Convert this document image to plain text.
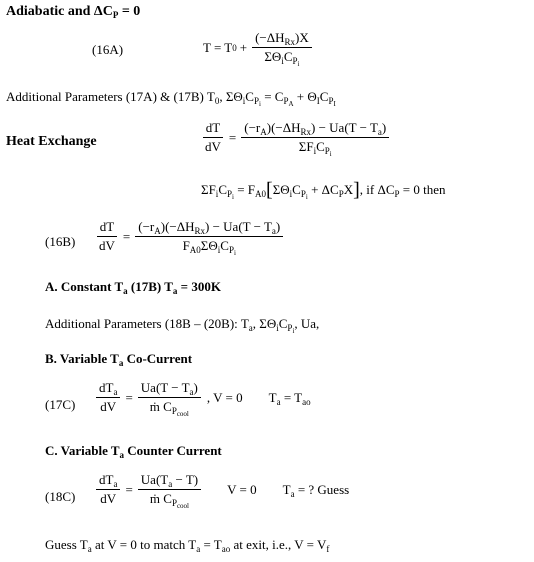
Adiabatic and $\Delta C_P = 0$
(16A)	T = T $0 + \frac{(-\Delta H_{Rx})X}{\Sigma\Theta_iC_{P_i}}$
Additional Parameters (17A) & (17B) $T_0$, $\Sigma\Theta_iC_{P_i} = C_{P_A} + \Theta_IC_{P_I}$
Heat Exchange	$\frac{dT}{dV} = \frac{(-r_A)(-\Delta H_{Rx}) - Ua(T - T_a)}{\Sigma F_iC_{P_i}}$
$\Sigma F_iC_{P_i} = F_{A0}[\Sigma\Theta_iC_{P_i} + \Delta C_PX]$, if $\Delta C_P = 0$ then
$(16B) \frac{dT}{dV} = \frac{(-r_A)(-\Delta H_{Rx}) - Ua(T - T_a)}{F_{A0}\Sigma\Theta_iC_{P_i}}$
A. Constant $T_a$ (17B) $T_a = 300K$
Additional Parameters (18B – (20B): $T_a$, $\Sigma\Theta_iC_{P_i}$, Ua,
B. Variable $T_a$ Co-Current
$(17C) \frac{dT_a}{dV} = \frac{Ua(T - T_a)}{ṁ C_{P_{cool}}}$ , V = 0 $T_a = T_{ao}$
C. Variable $T_a$ Counter Current
$(18C) \frac{dT_a}{dV} = \frac{Ua(T_a - T)}{ṁ C_{P_{cool}}}$ V = 0 $T_a$ = ? Guess
Guess $T_a$ at V = 0 to match $T_a = T_{ao}$ at exit, i.e., $V = V_f$
